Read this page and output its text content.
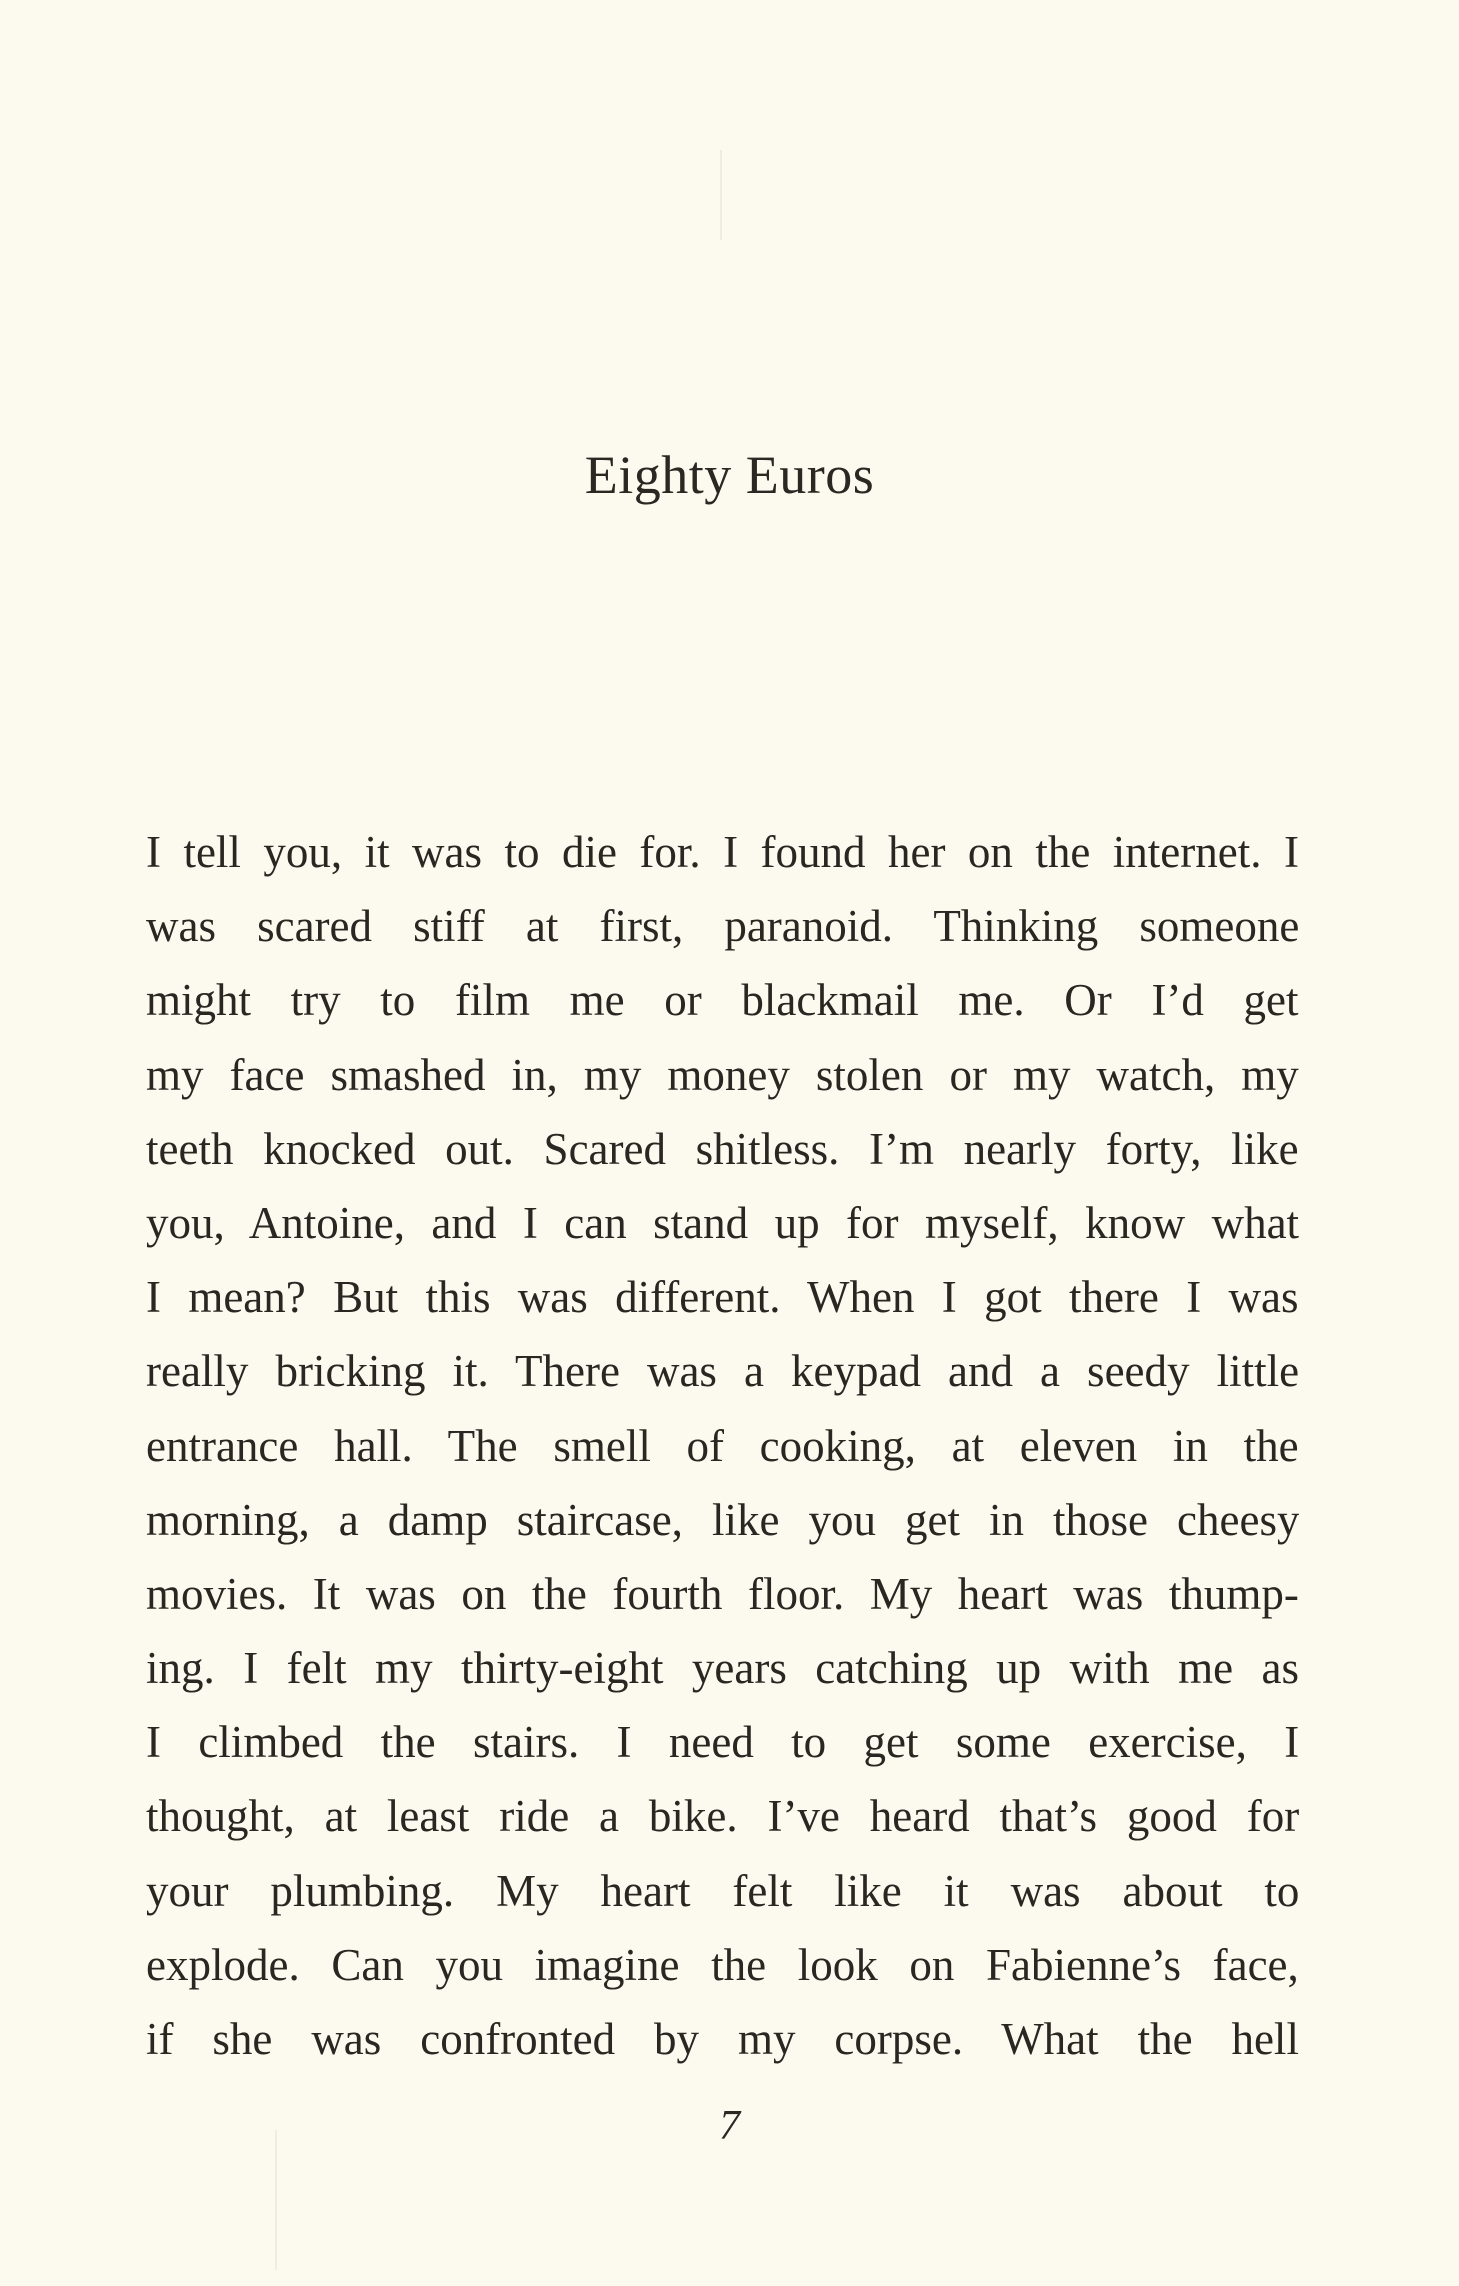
Eighty Euros
I tell you, it was to die for. I found her on the internet. I
was scared stiff at first, paranoid. Thinking someone
might try to film me or blackmail me. Or I’d get
my face smashed in, my money stolen or my watch, my
teeth knocked out. Scared shitless. I’m nearly forty, like
you, Antoine, and I can stand up for myself, know what
I mean? But this was different. When I got there I was
really bricking it. There was a keypad and a seedy little
entrance hall. The smell of cooking, at eleven in the
morning, a damp staircase, like you get in those cheesy
movies. It was on the fourth floor. My heart was thump-
ing. I felt my thirty-eight years catching up with me as
I climbed the stairs. I need to get some exercise, I
thought, at least ride a bike. I’ve heard that’s good for
your plumbing. My heart felt like it was about to
explode. Can you imagine the look on Fabienne’s face,
if she was confronted by my corpse. What the hell
7
